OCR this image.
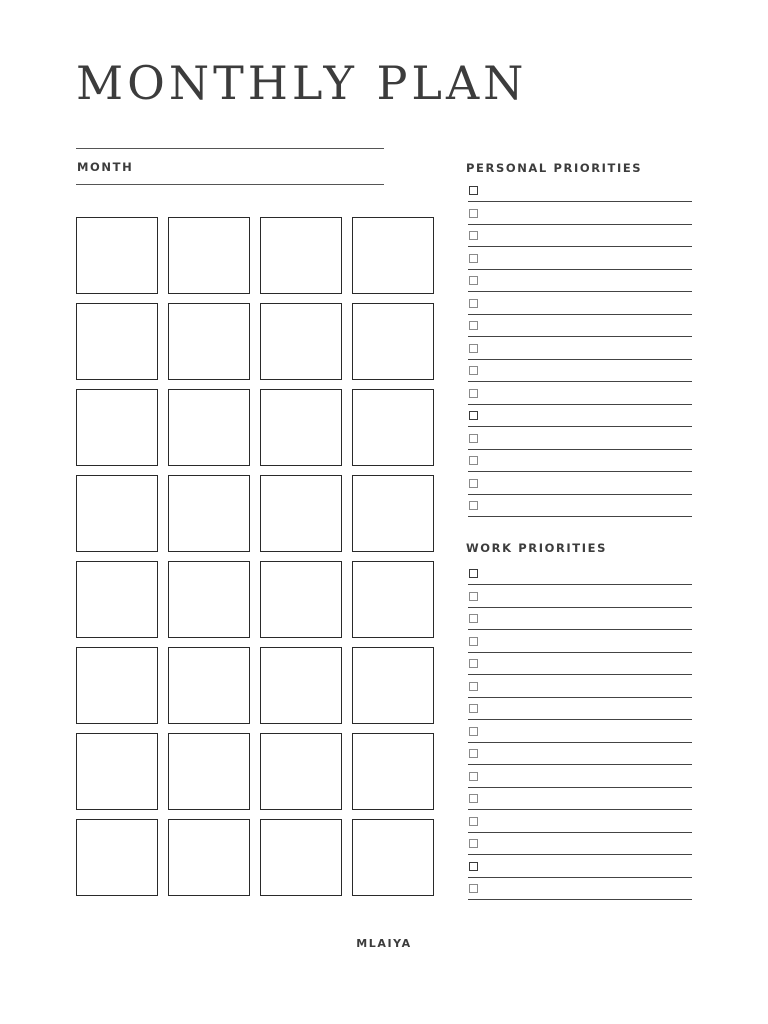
MONTHLY PLAN

MONTH	PERSONAL PRIORITIES

WORK PRIORITIES

MLAIYA
